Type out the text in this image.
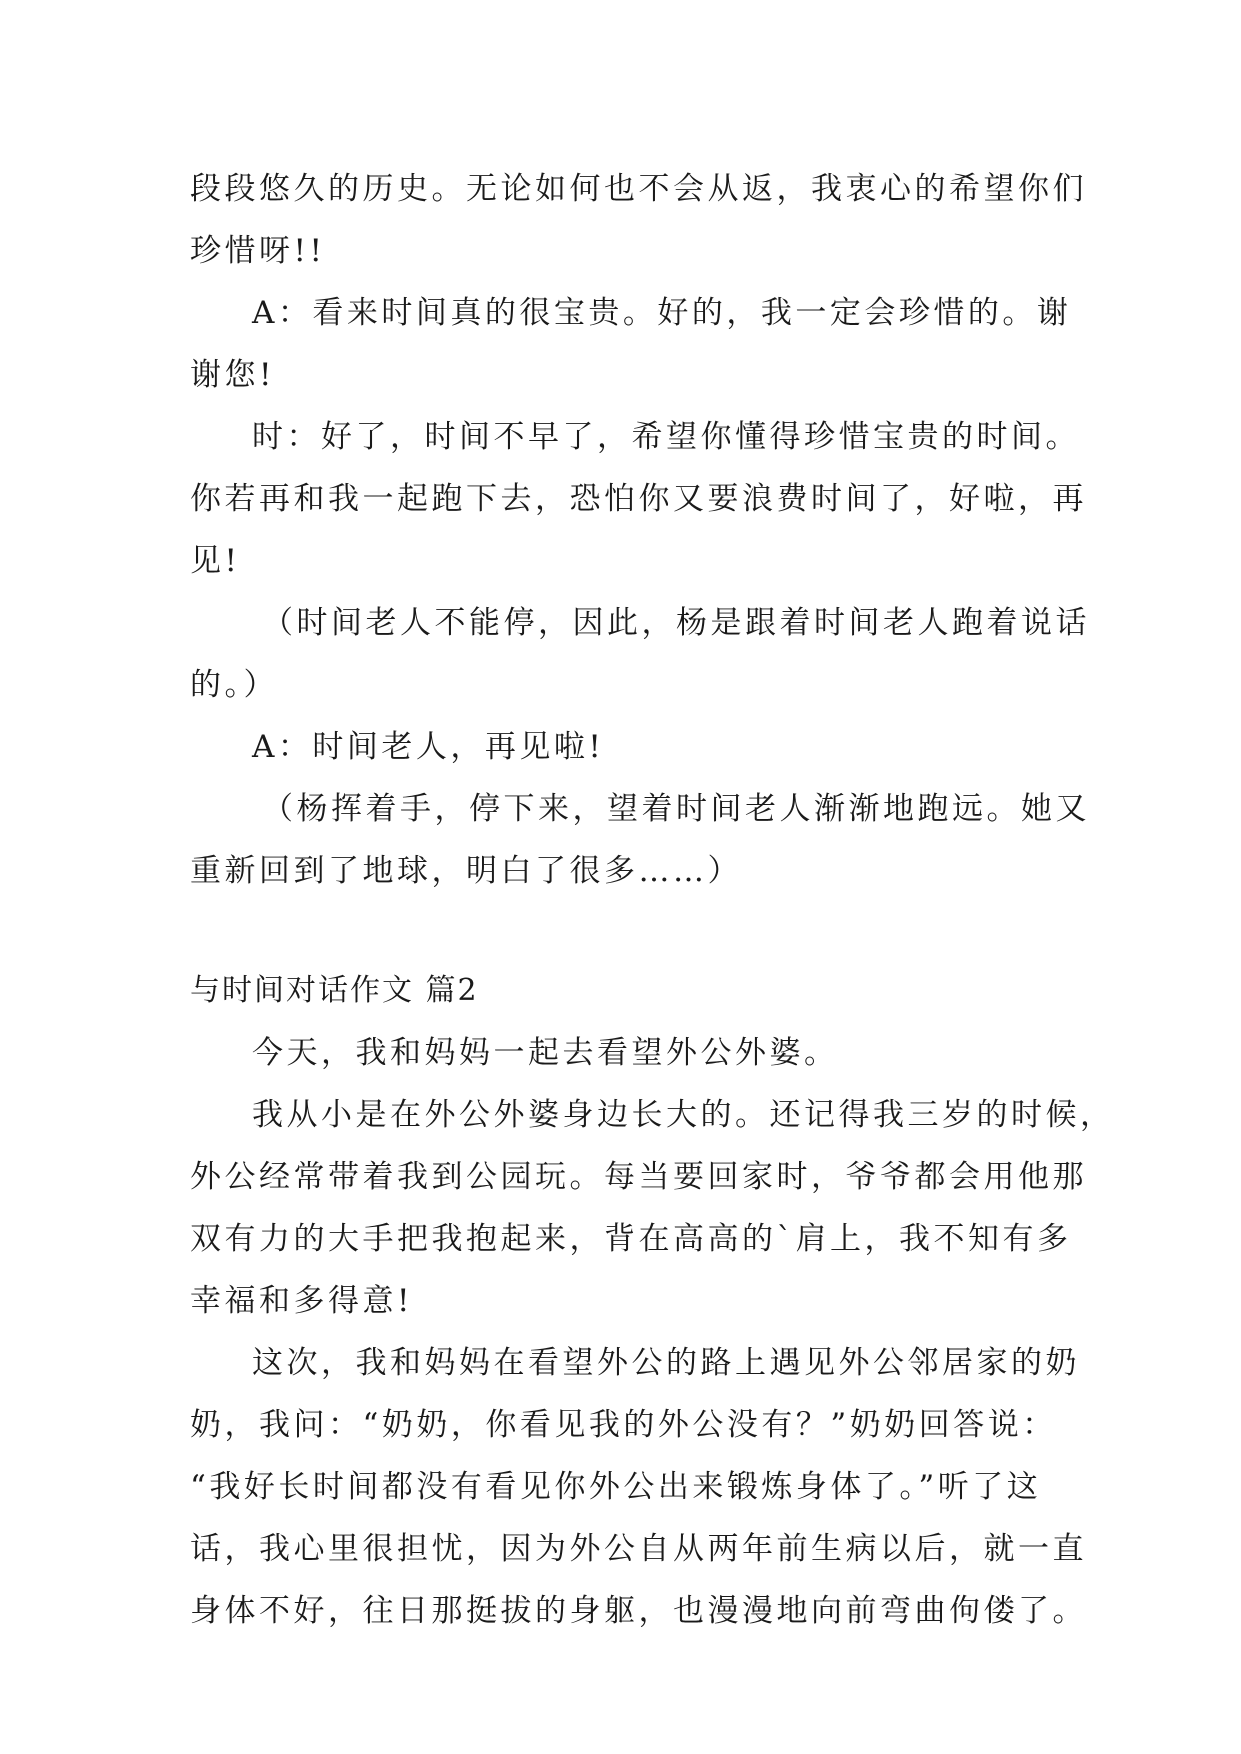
段段悠久的历史。无论如何也不会从返，我衷心的希望你们
珍惜呀!!
A：看来时间真的很宝贵。好的，我一定会珍惜的。谢
谢您!
时：好了，时间不早了，希望你懂得珍惜宝贵的时间。
你若再和我一起跑下去，恐怕你又要浪费时间了，好啦，再
见!
（时间老人不能停，因此，杨是跟着时间老人跑着说话
的。）
A：时间老人，再见啦!
（杨挥着手，停下来，望着时间老人渐渐地跑远。她又
重新回到了地球，明白了很多……）
与时间对话作文 篇2
今天，我和妈妈一起去看望外公外婆。
我从小是在外公外婆身边长大的。还记得我三岁的时候，
外公经常带着我到公园玩。每当要回家时，爷爷都会用他那
双有力的大手把我抱起来，背在高高的`肩上，我不知有多
幸福和多得意!
这次，我和妈妈在看望外公的路上遇见外公邻居家的奶
奶，我问：“奶奶，你看见我的外公没有？”奶奶回答说：
“我好长时间都没有看见你外公出来锻炼身体了。”听了这
话，我心里很担忧，因为外公自从两年前生病以后，就一直
身体不好，往日那挺拔的身躯，也漫漫地向前弯曲佝偻了。
